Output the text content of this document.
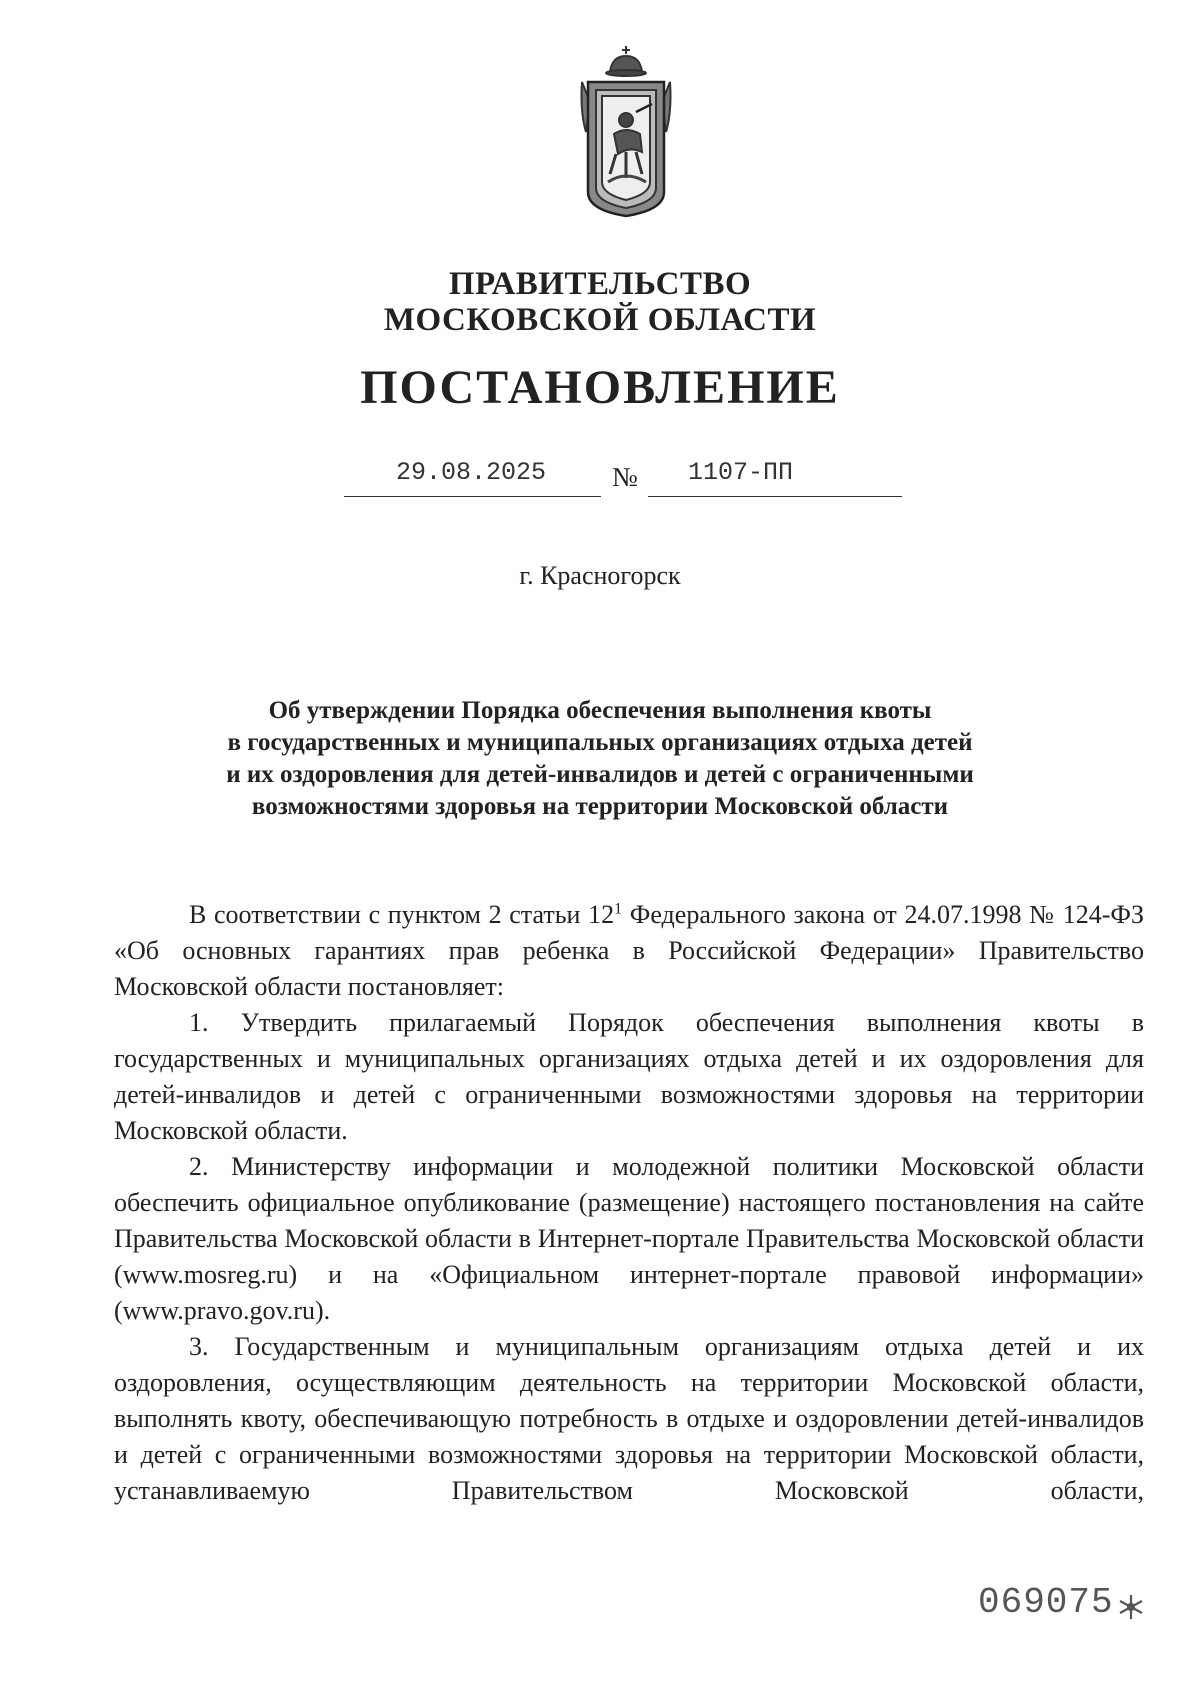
ПРАВИТЕЛЬСТВО
МОСКОВСКОЙ ОБЛАСТИ
ПОСТАНОВЛЕНИЕ
29.08.2025 № 1107-ПП
г. Красногорск
Об утверждении Порядка обеспечения выполнения квоты
в государственных и муниципальных организациях отдыха детей
и их оздоровления для детей-инвалидов и детей с ограниченными
возможностями здоровья на территории Московской области

В соответствии с пунктом 2 статьи $12^1$ Федерального закона от 24.07.1998 № 124-ФЗ «Об основных гарантиях прав ребенка в Российской Федерации» Правительство Московской области постановляет:

1. Утвердить прилагаемый Порядок обеспечения выполнения квоты в государственных и муниципальных организациях отдыха детей и их оздоровления для детей-инвалидов и детей с ограниченными возможностями здоровья на территории Московской области.

2. Министерству информации и молодежной политики Московской области обеспечить официальное опубликование (размещение) настоящего постановления на сайте Правительства Московской области в Интернет-портале Правительства Московской области (www.mosreg.ru) и на «Официальном интернет-портале правовой информации» (www.pravo.gov.ru).

3. Государственным и муниципальным организациям отдыха детей и их оздоровления, осуществляющим деятельность на территории Московской области, выполнять квоту, обеспечивающую потребность в отдыхе и оздоровлении детей-инвалидов и детей с ограниченными возможностями здоровья на территории Московской области, устанавливаемую Правительством Московской области,

069075
